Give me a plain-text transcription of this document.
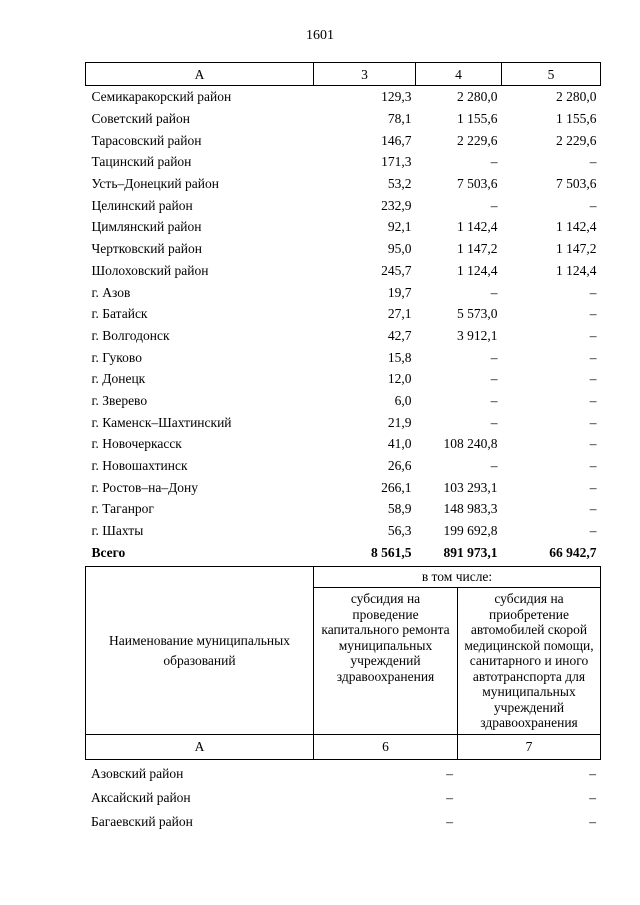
1601
А	3	4	5
Семикаракорский район	129,3	2 280,0	2 280,0
Советский район	78,1	1 155,6	1 155,6
Тарасовский район	146,7	2 229,6	2 229,6
Тацинский район	171,3	–	–
Усть–Донецкий район	53,2	7 503,6	7 503,6
Целинский район	232,9	–	–
Цимлянский район	92,1	1 142,4	1 142,4
Чертковский район	95,0	1 147,2	1 147,2
Шолоховский район	245,7	1 124,4	1 124,4
г. Азов	19,7	–	–
г. Батайск	27,1	5 573,0	–
г. Волгодонск	42,7	3 912,1	–
г. Гуково	15,8	–	–
г. Донецк	12,0	–	–
г. Зверево	6,0	–	–
г. Каменск–Шахтинский	21,9	–	–
г. Новочеркасск	41,0	108 240,8	–
г. Новошахтинск	26,6	–	–
г. Ростов–на–Дону	266,1	103 293,1	–
г. Таганрог	58,9	148 983,3	–
г. Шахты	56,3	199 692,8	–
Всего	8 561,5	891 973,1	66 942,7
Наименование муниципальных образований	в том числе:	
	субсидия на проведение капитального ремонта муниципальных учреждений здравоохранения	субсидия на приобретение автомобилей скорой медицинской помощи, санитарного и иного автотранспорта для муниципальных учреждений здравоохранения
А	6	7
Азовский район	–	–
Аксайский район	–	–
Багаевский район	–	–
